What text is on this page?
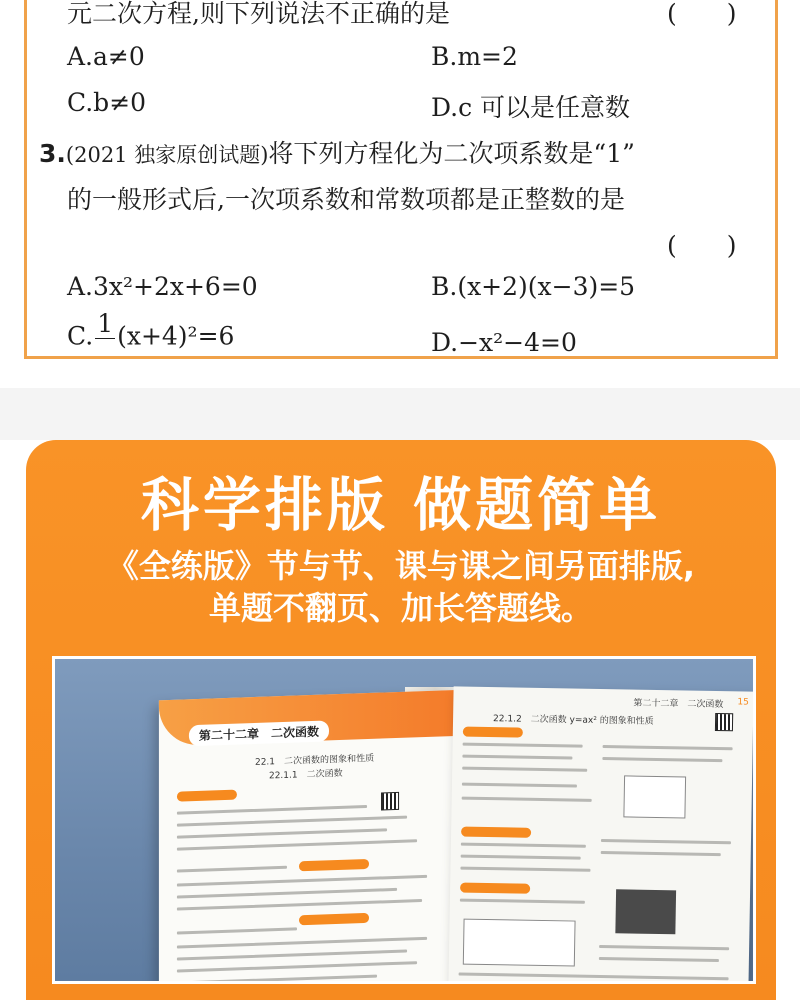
元二次方程,则下列说法不正确的是	(　　)
A.a≠0	B.m=2
C.b≠0	D.c 可以是任意数
3.(2021 独家原创试题)将下列方程化为二次项系数是“1”
的一般形式后,一次项系数和常数项都是正整数的是
(　　)
A.3x²+2x+6=0	B.(x+2)(x−3)=5
C. 1
(x+4)²=6	D.−x²−4=0
科学排版 做题简单
《全练版》节与节、课与课之间另面排版,
单题不翻页、加长答题线。
第二十二章　二次函数
22.1　二次函数的图象和性质
22.1.1　二次函数
第二十二章　二次函数 15
22.1.2　二次函数 y=ax² 的图象和性质
